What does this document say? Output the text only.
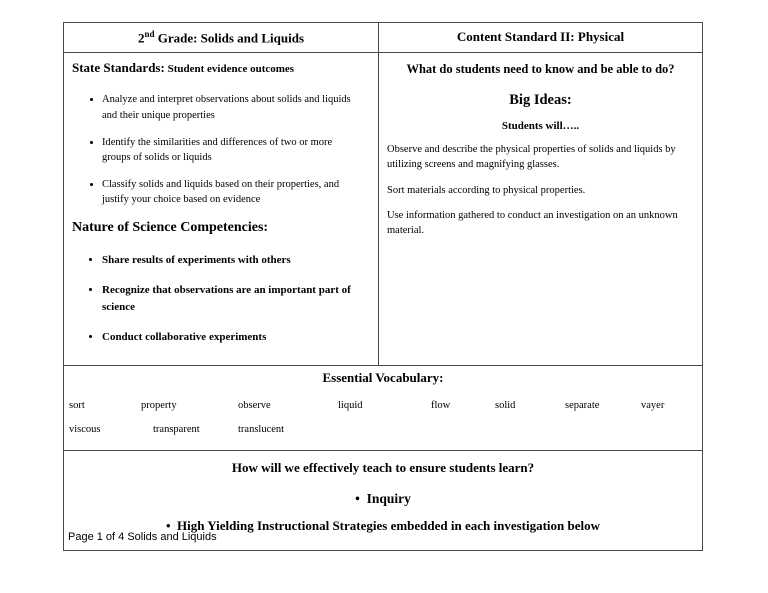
2nd Grade: Solids and Liquids	Content Standard II: Physical
State Standards: Student evidence outcomes
• Analyze and interpret observations about solids and liquids and their unique properties
• Identify the similarities and differences of two or more groups of solids or liquids
• Classify solids and liquids based on their properties, and justify your choice based on evidence
Nature of Science Competencies:
• Share results of experiments with others
• Recognize that observations are an important part of science
• Conduct collaborative experiments
What do students need to know and be able to do?
Big Ideas:
Students will…..

Observe and describe the physical properties of solids and liquids by utilizing screens and magnifying glasses.

Sort materials according to physical properties.

Use information gathered to conduct an investigation on an unknown material.

Essential Vocabulary:
sort	property	observe	liquid	flow	solid	separate	vayer
viscous	transparent	translucent
How will we effectively teach to ensure students learn?
•  Inquiry
•  High Yielding Instructional Strategies embedded in each investigation below
Page 1 of 4 Solids and Liquids
